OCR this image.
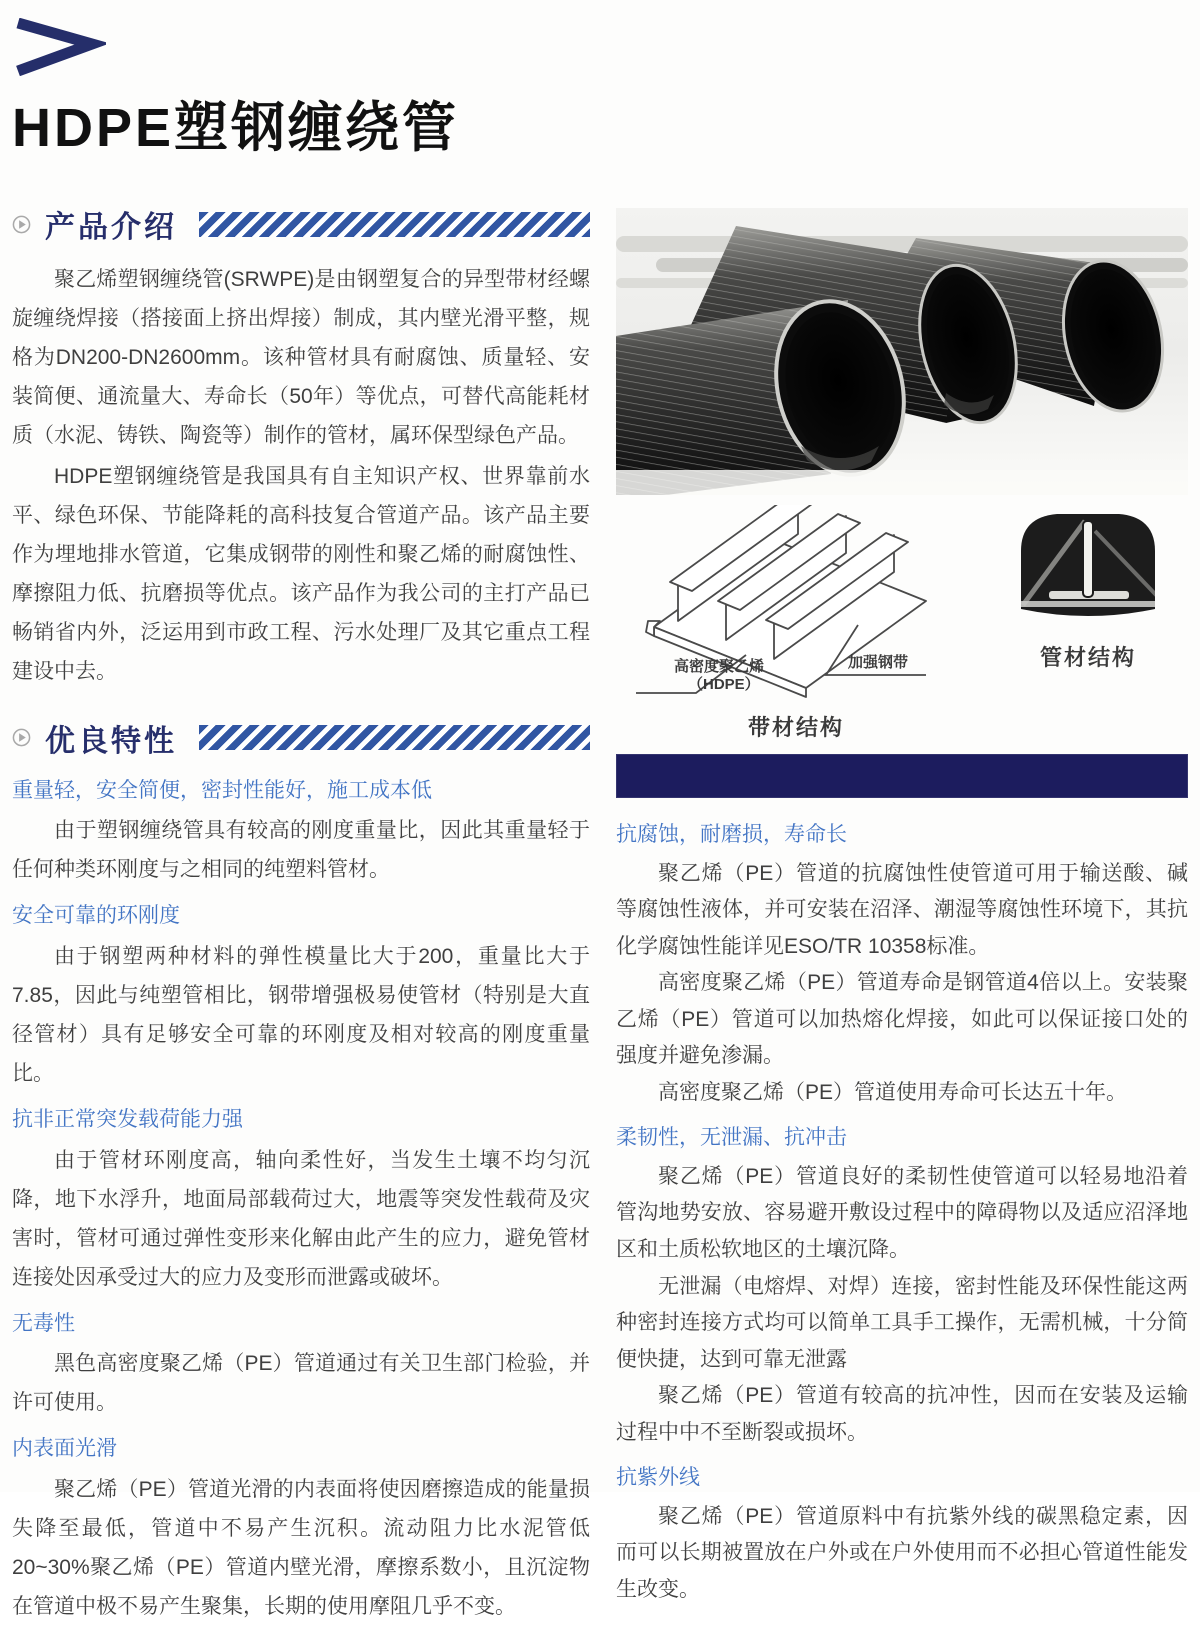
HDPE塑钢缠绕管
产品介绍

聚乙烯塑钢缠绕管(SRWPE)是由钢塑复合的异型带材经螺旋缠绕焊接（搭接面上挤出焊接）制成，其内壁光滑平整，规格为DN200-DN2600mm。该种管材具有耐腐蚀、质量轻、安装简便、通流量大、寿命长（50年）等优点，可替代高能耗材质（水泥、铸铁、陶瓷等）制作的管材，属环保型绿色产品。

HDPE塑钢缠绕管是我国具有自主知识产权、世界靠前水平、绿色环保、节能降耗的高科技复合管道产品。该产品主要作为埋地排水管道，它集成钢带的刚性和聚乙烯的耐腐蚀性、摩擦阻力低、抗磨损等优点。该产品作为我公司的主打产品已畅销省内外，泛运用到市政工程、污水处理厂及其它重点工程建设中去。

优良特性
重量轻，安全简便，密封性能好，施工成本低

由于塑钢缠绕管具有较高的刚度重量比，因此其重量轻于任何种类环刚度与之相同的纯塑料管材。

安全可靠的环刚度

由于钢塑两种材料的弹性模量比大于200，重量比大于7.85，因此与纯塑管相比，钢带增强极易使管材（特别是大直径管材）具有足够安全可靠的环刚度及相对较高的刚度重量比。

抗非正常突发载荷能力强

由于管材环刚度高，轴向柔性好，当发生土壤不均匀沉降，地下水浮升，地面局部载荷过大，地震等突发性载荷及灾害时，管材可通过弹性变形来化解由此产生的应力，避免管材连接处因承受过大的应力及变形而泄露或破坏。

无毒性

黑色高密度聚乙烯（PE）管道通过有关卫生部门检验，并许可使用。

内表面光滑

聚乙烯（PE）管道光滑的内表面将使因磨擦造成的能量损失降至最低，管道中不易产生沉积。流动阻力比水泥管低20~30%聚乙烯（PE）管道内壁光滑，摩擦系数小，且沉淀物在管道中极不易产生聚集，长期的使用摩阻几乎不变。

高密度聚乙烯
（HDPE）
加强钢带
带材结构
管材结构
抗腐蚀，耐磨损，寿命长

聚乙烯（PE）管道的抗腐蚀性使管道可用于输送酸、碱等腐蚀性液体，并可安装在沼泽、潮湿等腐蚀性环境下，其抗化学腐蚀性能详见ESO/TR 10358标准。

高密度聚乙烯（PE）管道寿命是钢管道4倍以上。安装聚乙烯（PE）管道可以加热熔化焊接，如此可以保证接口处的强度并避免渗漏。

高密度聚乙烯（PE）管道使用寿命可长达五十年。

柔韧性，无泄漏、抗冲击

聚乙烯（PE）管道良好的柔韧性使管道可以轻易地沿着管沟地势安放、容易避开敷设过程中的障碍物以及适应沼泽地区和土质松软地区的土壤沉降。

无泄漏（电熔焊、对焊）连接，密封性能及环保性能这两种密封连接方式均可以简单工具手工操作，无需机械，十分简便快捷，达到可靠无泄露

聚乙烯（PE）管道有较高的抗冲性，因而在安装及运输过程中中不至断裂或损坏。

抗紫外线

聚乙烯（PE）管道原料中有抗紫外线的碳黑稳定素，因而可以长期被置放在户外或在户外使用而不必担心管道性能发生改变。
